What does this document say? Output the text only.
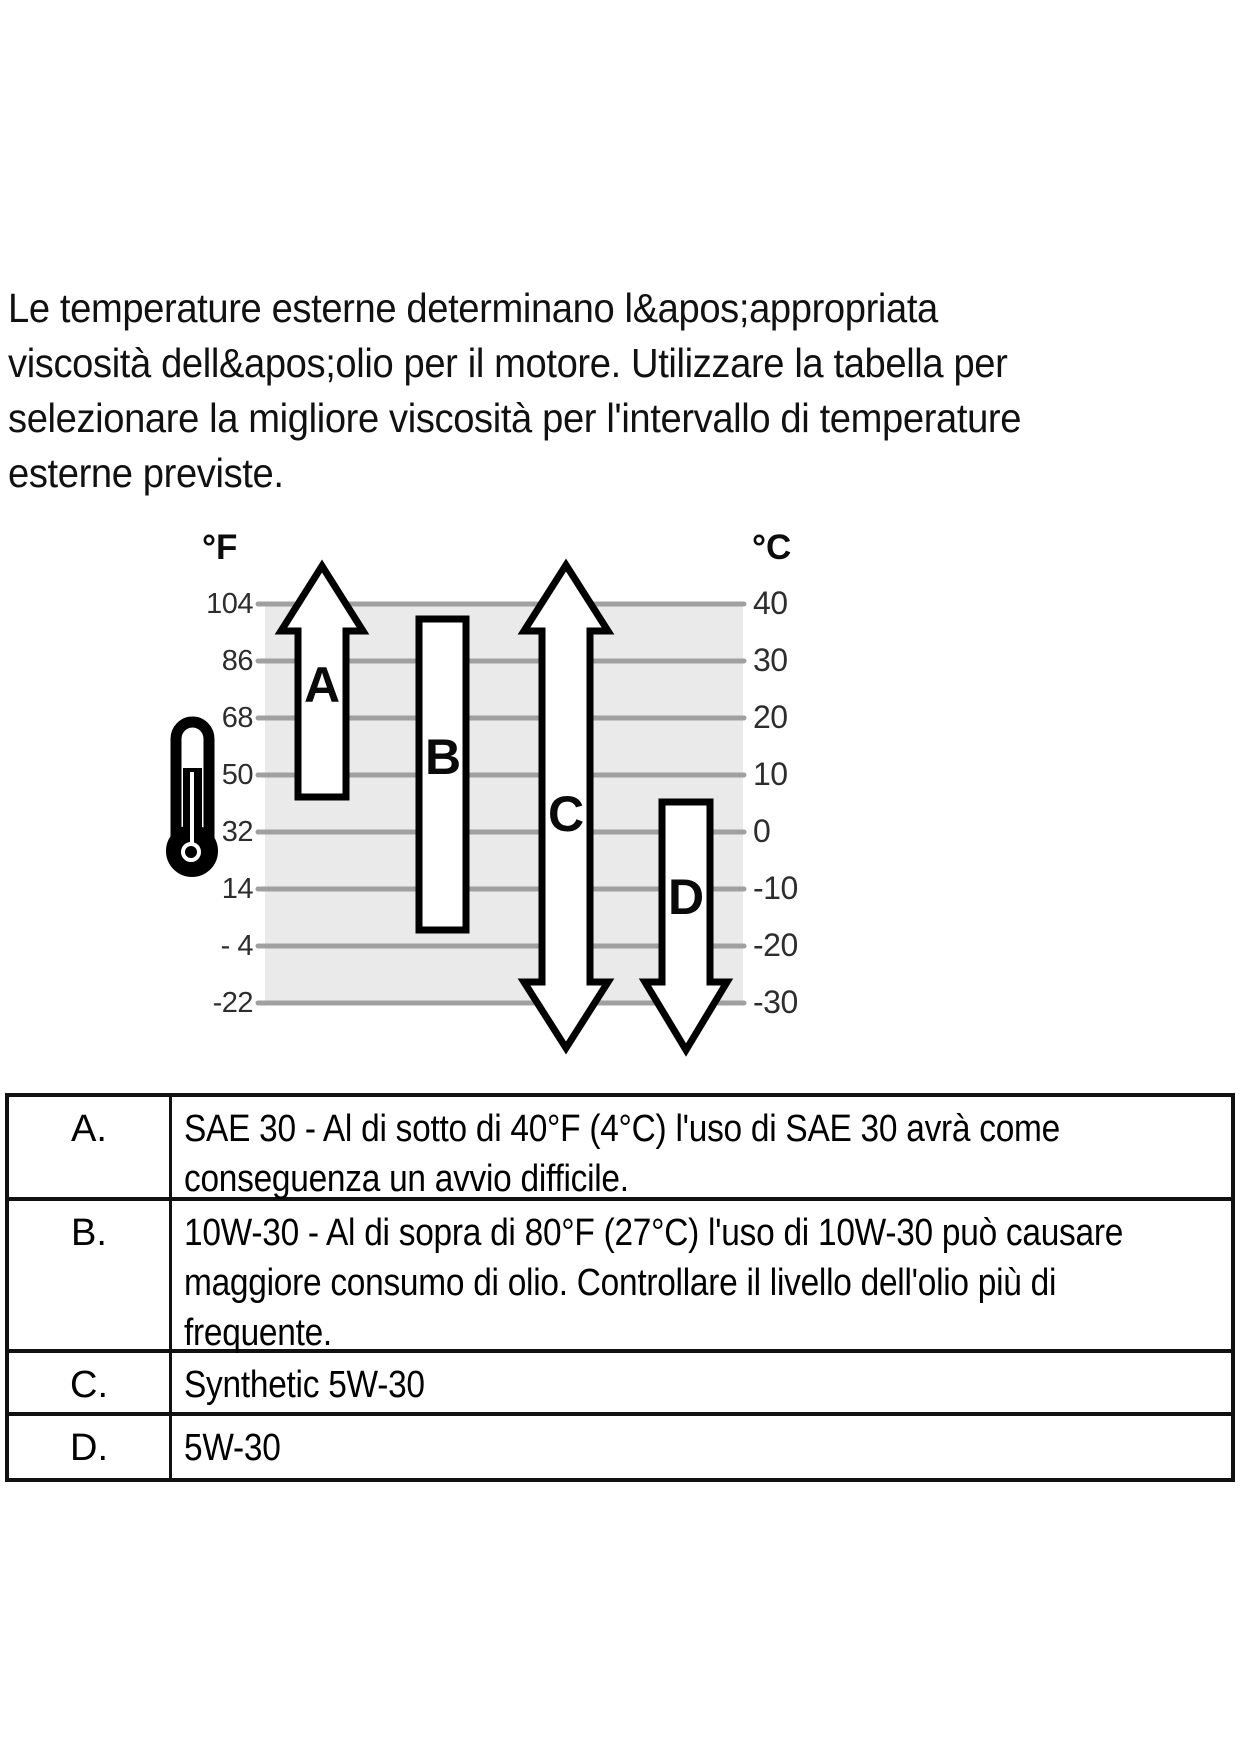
Le temperature esterne determinano l&apos;appropriata
viscosità dell&apos;olio per il motore. Utilizzare la tabella per
selezionare la migliore viscosità per l'intervallo di temperature
esterne previste.
°F	°C
104
86
68
50
32
14
- 4
-22
40
30
20
10
0
-10
-20
-30
A
B
C
D
A.	SAE 30 - Al di sotto di 40°F (4°C) l'uso di SAE 30 avrà come
conseguenza un avvio difficile.
B.	10W-30 - Al di sopra di 80°F (27°C) l'uso di 10W-30 può causare
maggiore consumo di olio. Controllare il livello dell'olio più di
frequente.
C.	Synthetic 5W-30
D.	5W-30
